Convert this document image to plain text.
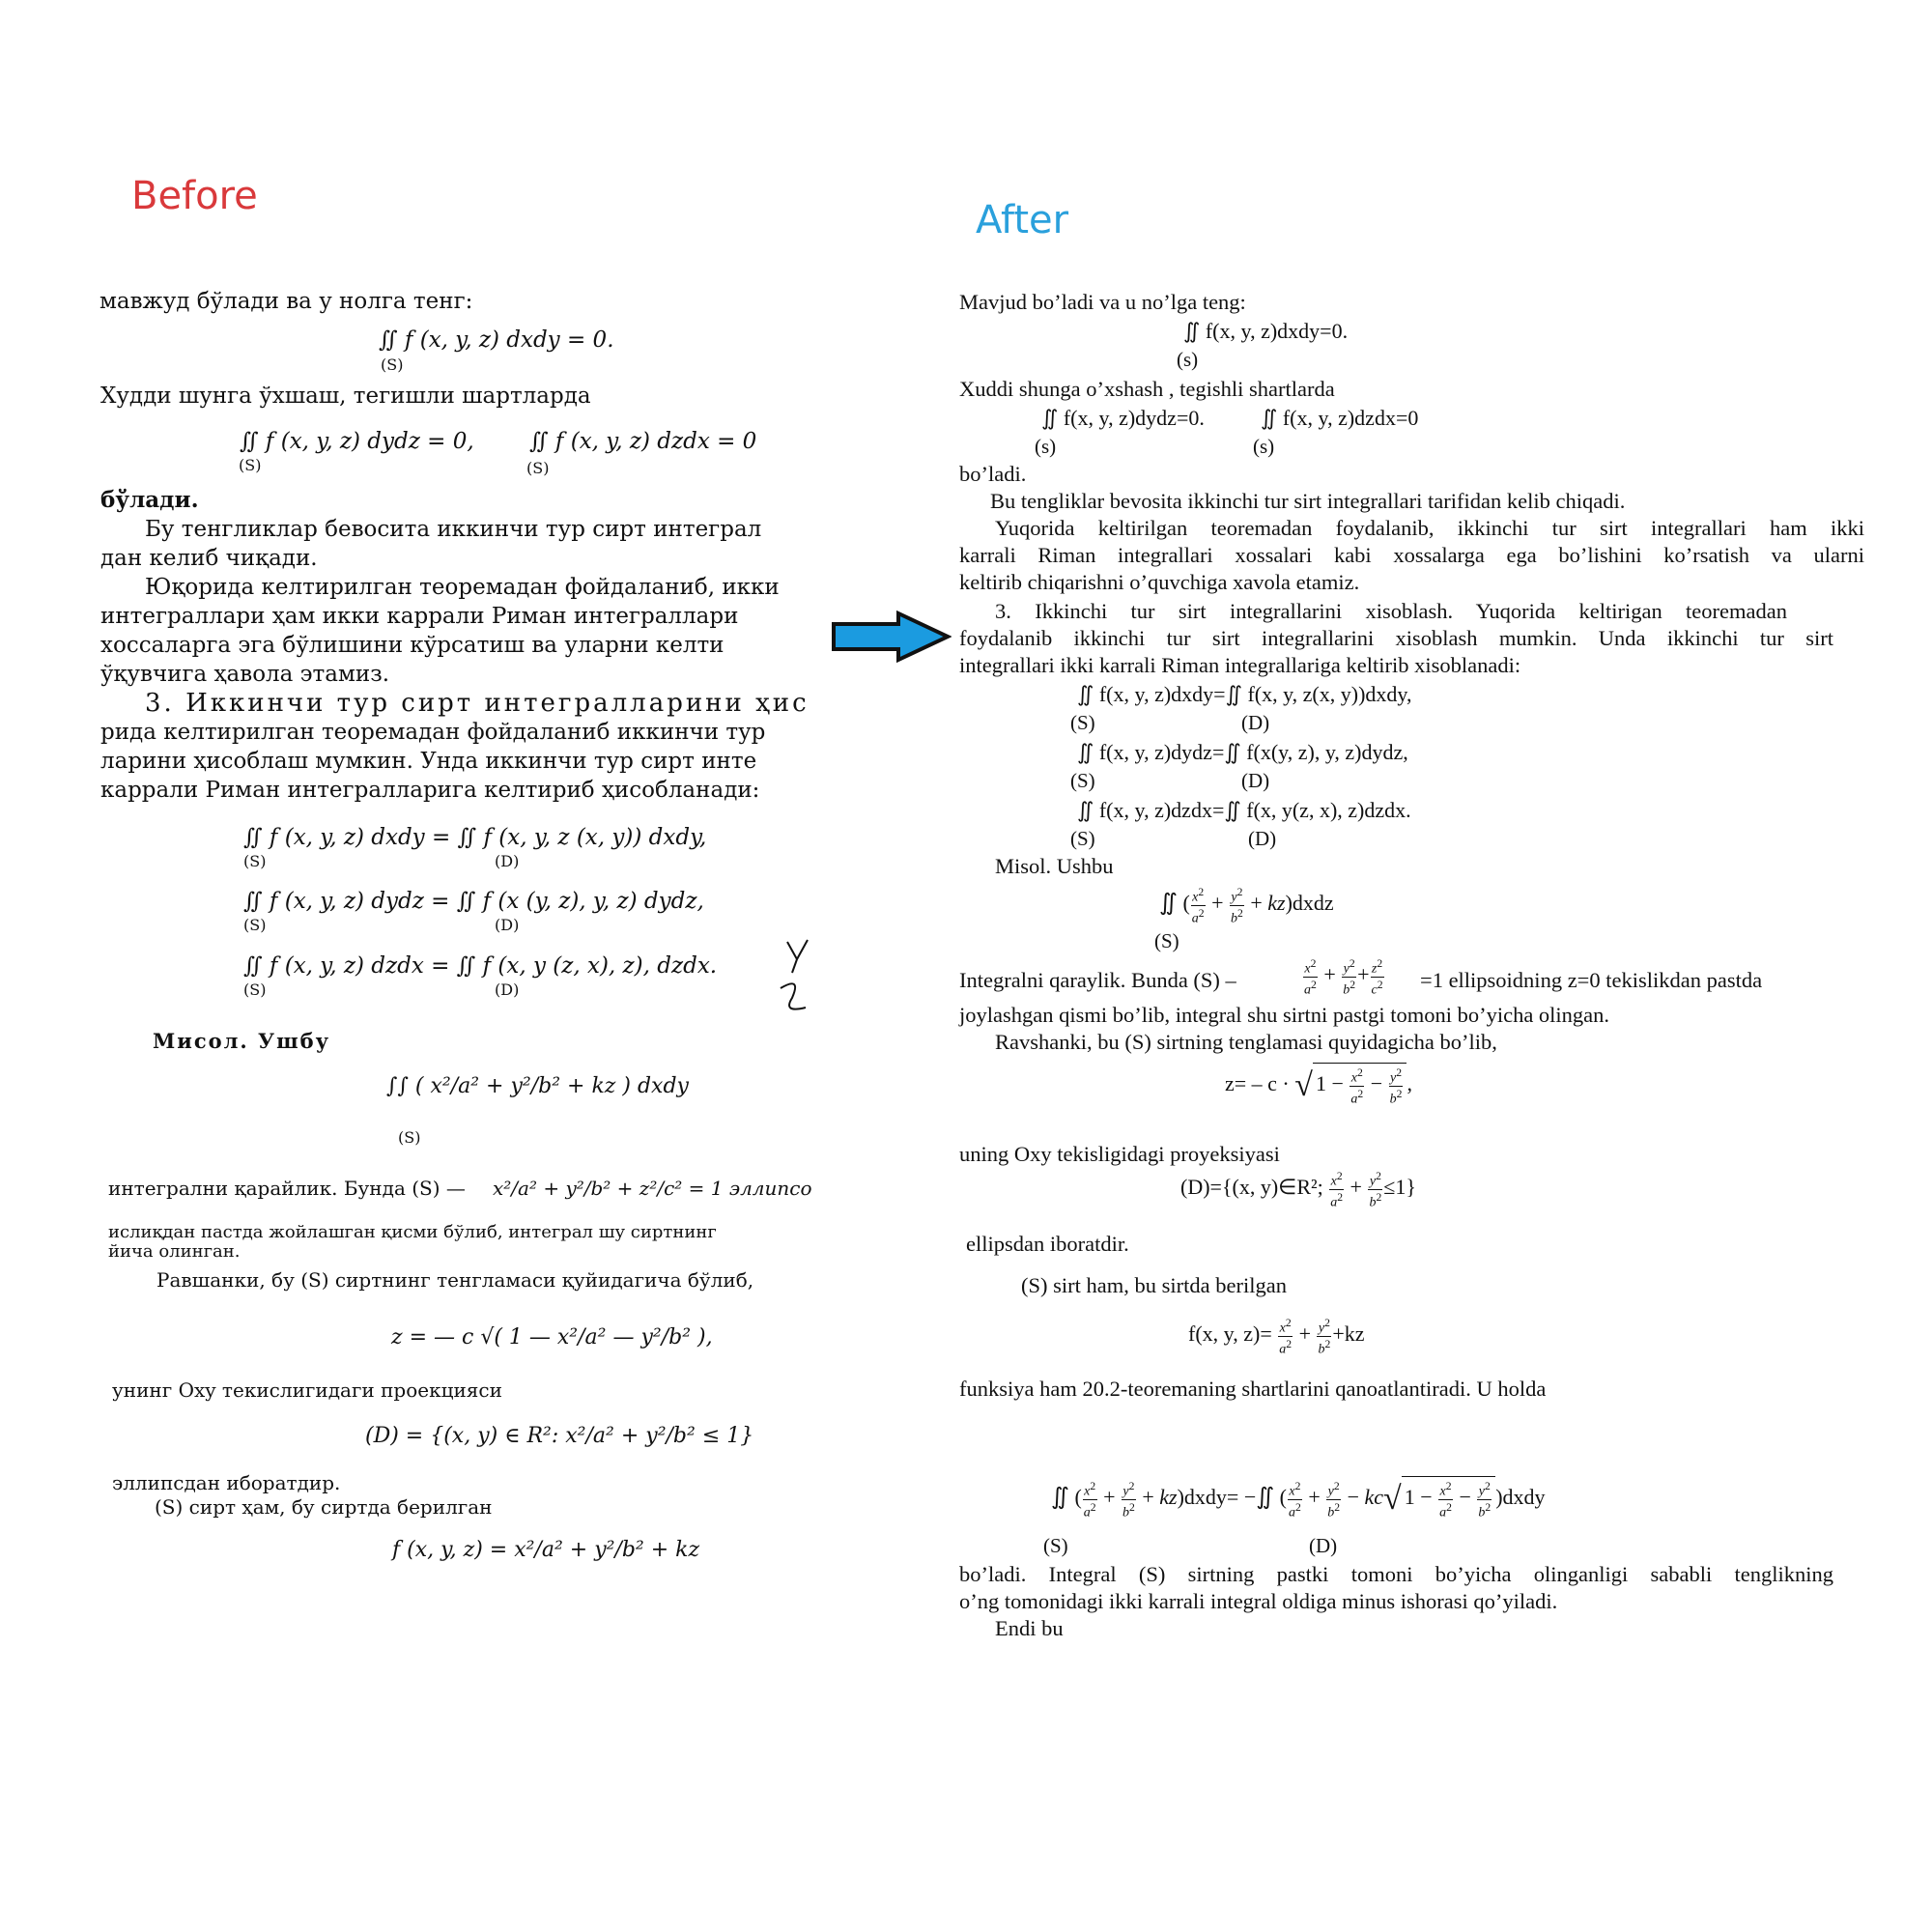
Before
After
мавжуд бўлади ва у нолга тенг:
∬ f (x, y, z) dxdy = 0.
(S)
Худди шунга ўхшаш, тегишли шартларда
∬ f (x, y, z) dydz = 0, ∬ f (x, y, z) dzdx = 0
(S)	(S)
бўлади.
Бу тенгликлар бевосита иккинчи тур сирт интеграл
дан келиб чиқади.
Юқорида келтирилган теоремадан фойдаланиб, икки
интеграллари ҳам икки каррали Риман интеграллари
хоссаларга эга бўлишини кўрсатиш ва уларни келти
ўқувчига ҳавола этамиз.
3. Иккинчи тур сирт интегралларини ҳис
рида келтирилган теоремадан фойдаланиб иккинчи тур
ларини ҳисоблаш мумкин. Унда иккинчи тур сирт инте
каррали Риман интегралларига келтириб ҳисобланади:
∬ f (x, y, z) dxdy = ∬ f (x, y, z (x, y)) dxdy,
(S)	(D)
∬ f (x, y, z) dydz = ∬ f (x (y, z), y, z) dydz,
(S)	(D)
∬ f (x, y, z) dzdx = ∬ f (x, y (z, x), z), dzdx.
(S)	(D)
Мисол. Ушбу
∫∫ ( x²/a² + y²/b² + kz ) dxdy
(S)
интегрални қарайлик. Бунда (S) — x²/a² + y²/b² + z²/c² = 1 эллипсо
ислиқдан пастда жойлашган қисми бўлиб, интеграл шу сиртнинг
йича олинган.
Равшанки, бу (S) сиртнинг тенгламаси қуйидагича бўлиб,
z = — c √( 1 — x²/a² — y²/b² ),
унинг Oxy текислигидаги проекцияси
(D) = {(x, y) ∈ R²: x²/a² + y²/b² ≤ 1}
эллипсдан иборатдир.
(S) сирт ҳам, бу сиртда берилган
f (x, y, z) = x²/a² + y²/b² + kz
Mavjud bo’ladi va u no’lga teng:
∬ f(x, y, z)dxdy=0.
(s)
Xuddi shunga o’xshash , tegishli shartlarda
∬ f(x, y, z)dydz=0.	∬ f(x, y, z)dzdx=0
(s)	(s)
bo’ladi.
Bu tengliklar bevosita ikkinchi tur sirt integrallari tarifidan kelib chiqadi.
Yuqorida keltirilgan teoremadan foydalanib, ikkinchi tur sirt integrallari ham ikki
karrali Riman integrallari xossalari kabi xossalarga ega bo’lishini ko’rsatish va ularni
keltirib chiqarishni o’quvchiga xavola etamiz.
3. Ikkinchi tur sirt integrallarini xisoblash. Yuqorida keltirigan teoremadan
foydalanib ikkinchi tur sirt integrallarini xisoblash mumkin. Unda ikkinchi tur sirt
integrallari ikki karrali Riman integrallariga keltirib xisoblanadi:
∬ f(x, y, z)dxdy=∬ f(x, y, z(x, y))dxdy,
(S)	(D)
∬ f(x, y, z)dydz=∬ f(x(y, z), y, z)dydz,
(S)	(D)
∬ f(x, y, z)dzdx=∬ f(x, y(z, x), z)dzdx.
(S)	(D)
Misol. Ushbu
∬ ( $\frac{x^2}{a^2} + \frac{y^2}{b^2}$ + kz)dxdz
(S)
Integralni qaraylik. Bunda (S) –	$\frac{x^2}{a^2} + \frac{y^2}{b^2} + \frac{z^2}{c^2} =1$ ellipsoidning z=0 tekislikdan pastda
joylashgan qismi bo’lib, integral shu sirtni pastgi tomoni bo’yicha olingan.
Ravshanki, bu (S) sirtning tenglamasi quyidagicha bo’lib,
z= – c · √ $1 - \frac{x^2}{a^2} - \frac{y^2}{b^2}$ ,
uning Oxy tekisligidagi proyeksiyasi
(D)={(x, y)∈R²; $\frac{x^2}{a^2} + \frac{y^2}{b^2} \le 1$}
ellipsdan iboratdir.
(S) sirt ham, bu sirtda berilgan
f(x, y, $z)= \frac{x^2}{a^2} + \frac{y^2}{b^2} +kz$
funksiya ham 20.2-teoremaning shartlarini qanoatlantiradi. U holda
∬ ( $\frac{x^2}{a^2} + \frac{y^2}{b^2}$ + kz)dxdy= −∬ ( $\frac{x^2}{a^2} + \frac{y^2}{b^2} - kc√$ $1 - \frac{x^2}{a^2} - \frac{y^2}{b^2}$ )dxdy
(S)	(D)
bo’ladi. Integral (S) sirtning pastki tomoni bo’yicha olinganligi sababli tenglikning
o’ng tomonidagi ikki karrali integral oldiga minus ishorasi qo’yiladi.
Endi bu
